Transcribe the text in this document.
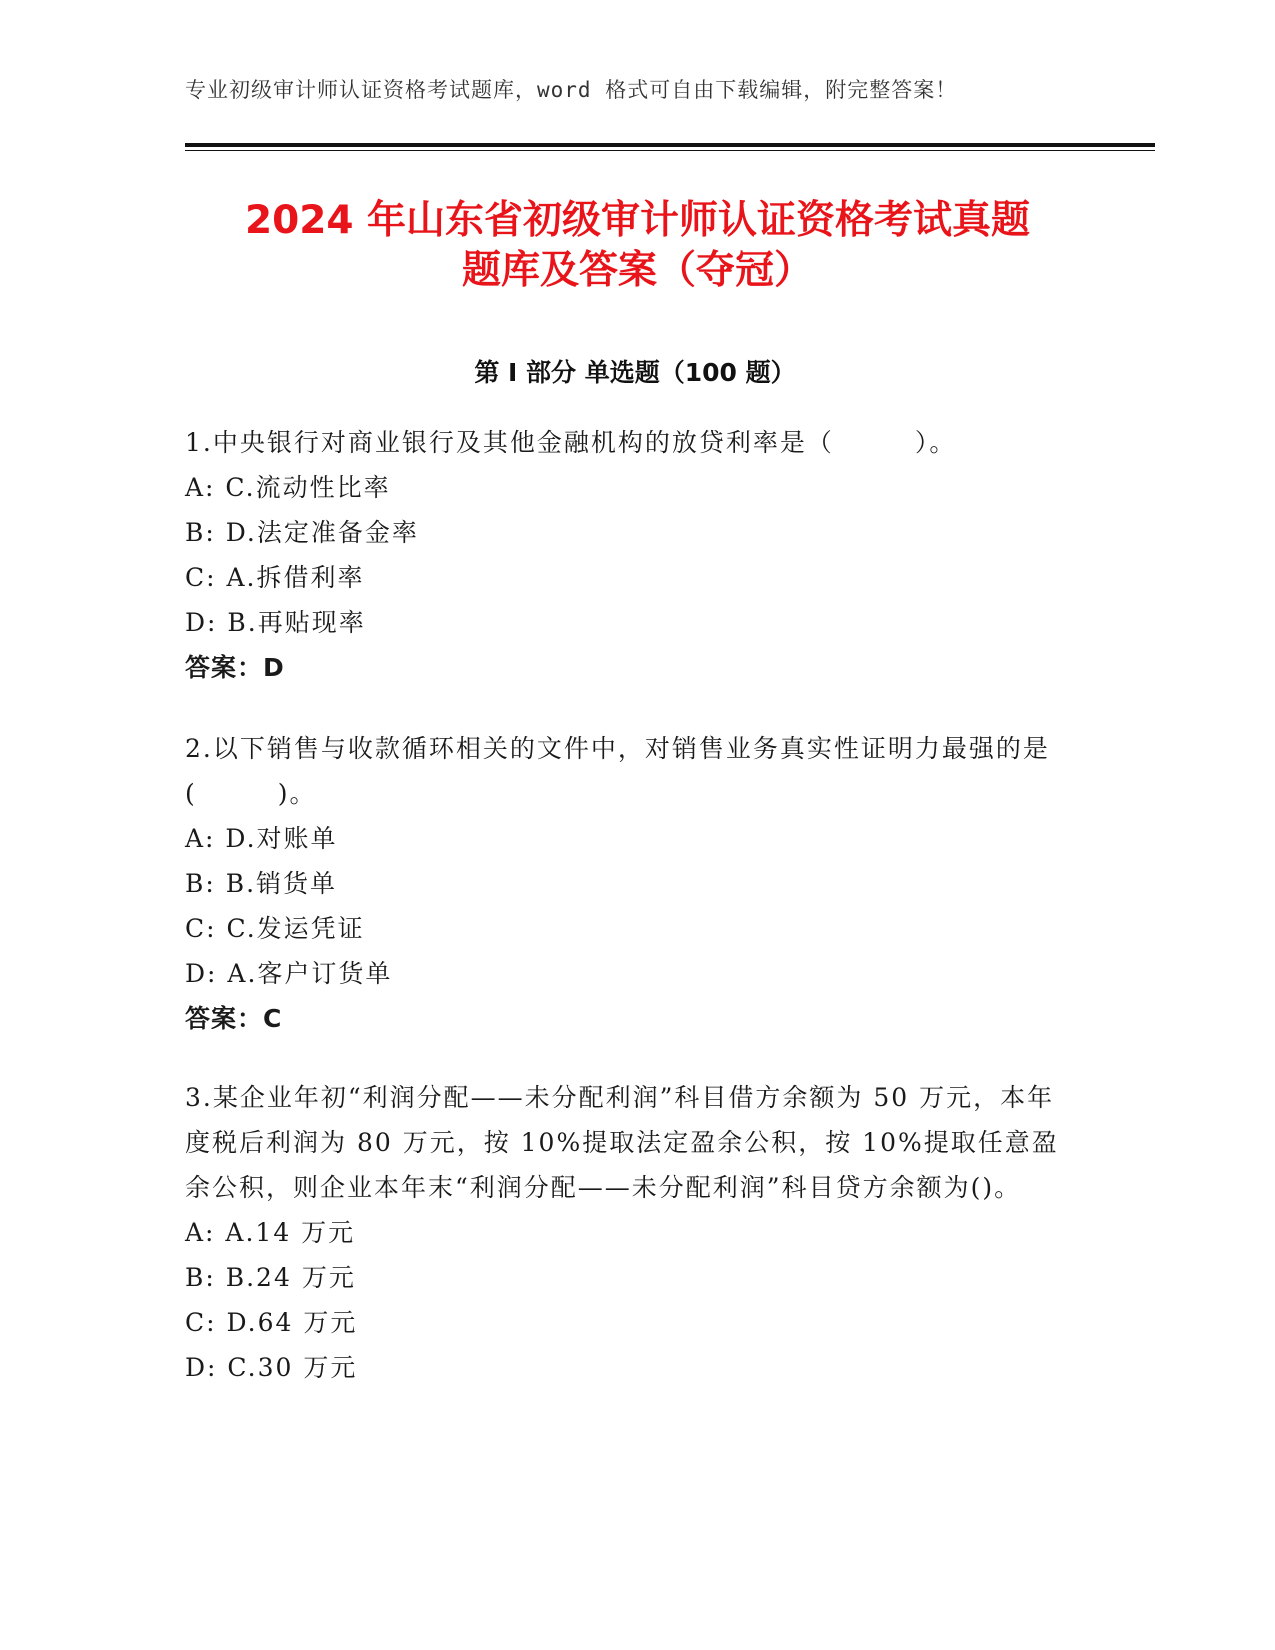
专业初级审计师认证资格考试题库，word 格式可自由下载编辑，附完整答案！
2024 年山东省初级审计师认证资格考试真题
题库及答案（夺冠）
第 I 部分 单选题（100 题）

1.中央银行对商业银行及其他金融机构的放贷利率是（　　　）。

A: C.流动性比率

B: D.法定准备金率

C: A.拆借利率

D: B.再贴现率

答案：D

2.以下销售与收款循环相关的文件中，对销售业务真实性证明力最强的是(　　　)。

A: D.对账单

B: B.销货单

C: C.发运凭证

D: A.客户订货单

答案：C

3.某企业年初“利润分配——未分配利润”科目借方余额为 50 万元，本年度税后利润为 80 万元，按 10%提取法定盈余公积，按 10%提取任意盈余公积，则企业本年末“利润分配——未分配利润”科目贷方余额为()。

A: A.14 万元

B: B.24 万元

C: D.64 万元

D: C.30 万元
